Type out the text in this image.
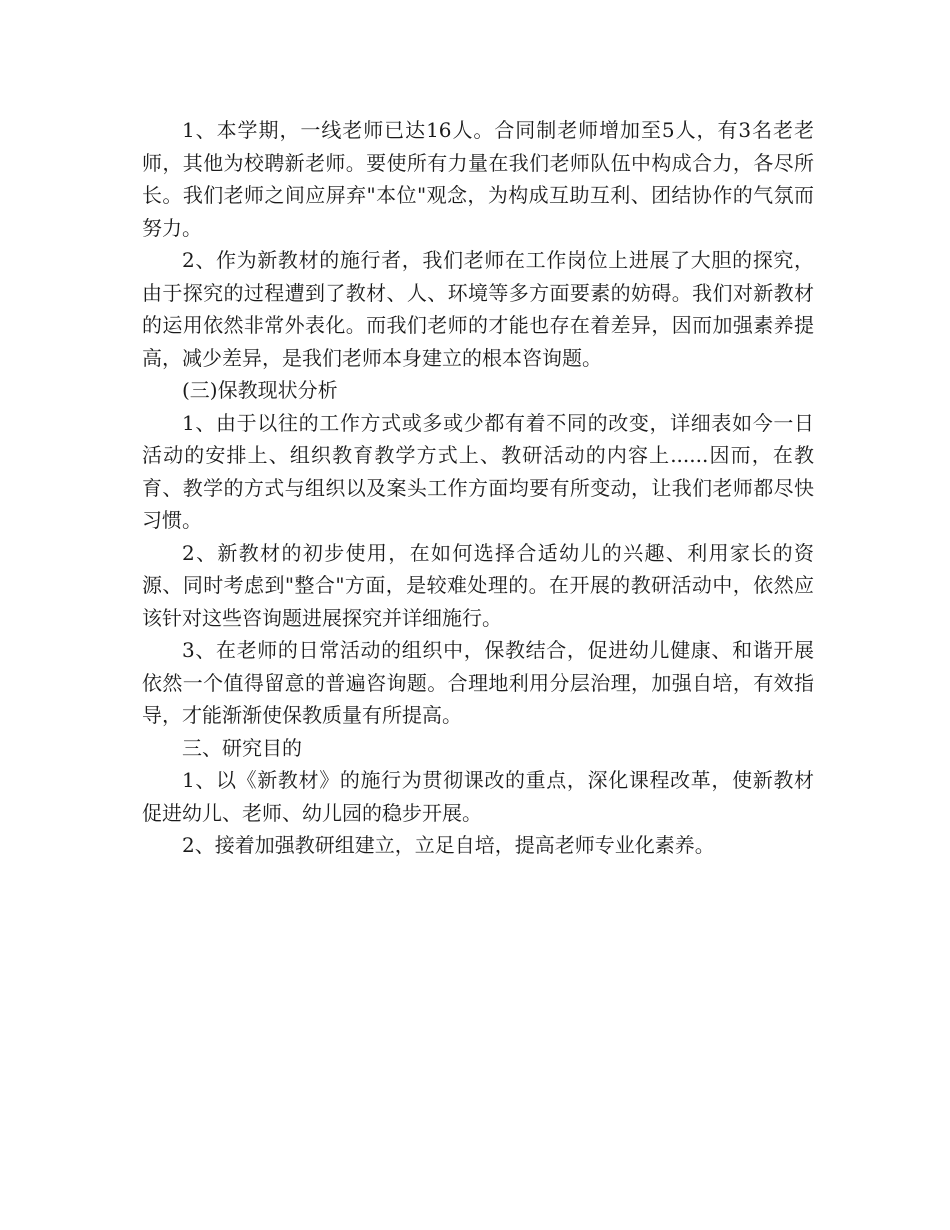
1、本学期，一线老师已达16人。合同制老师增加至5人，有3名老老师，其他为校聘新老师。要使所有力量在我们老师队伍中构成合力，各尽所长。我们老师之间应屏弃"本位"观念，为构成互助互利、团结协作的气氛而努力。

2、作为新教材的施行者，我们老师在工作岗位上进展了大胆的探究，由于探究的过程遭到了教材、人、环境等多方面要素的妨碍。我们对新教材的运用依然非常外表化。而我们老师的才能也存在着差异，因而加强素养提高，减少差异，是我们老师本身建立的根本咨询题。

(三)保教现状分析

1、由于以往的工作方式或多或少都有着不同的改变，详细表如今一日活动的安排上、组织教育教学方式上、教研活动的内容上......因而，在教育、教学的方式与组织以及案头工作方面均要有所变动，让我们老师都尽快习惯。

2、新教材的初步使用，在如何选择合适幼儿的兴趣、利用家长的资源、同时考虑到"整合"方面，是较难处理的。在开展的教研活动中，依然应该针对这些咨询题进展探究并详细施行。

3、在老师的日常活动的组织中，保教结合，促进幼儿健康、和谐开展依然一个值得留意的普遍咨询题。合理地利用分层治理，加强自培，有效指导，才能渐渐使保教质量有所提高。

三、研究目的

1、以《新教材》的施行为贯彻课改的重点，深化课程改革，使新教材促进幼儿、老师、幼儿园的稳步开展。

2、接着加强教研组建立，立足自培，提高老师专业化素养。
